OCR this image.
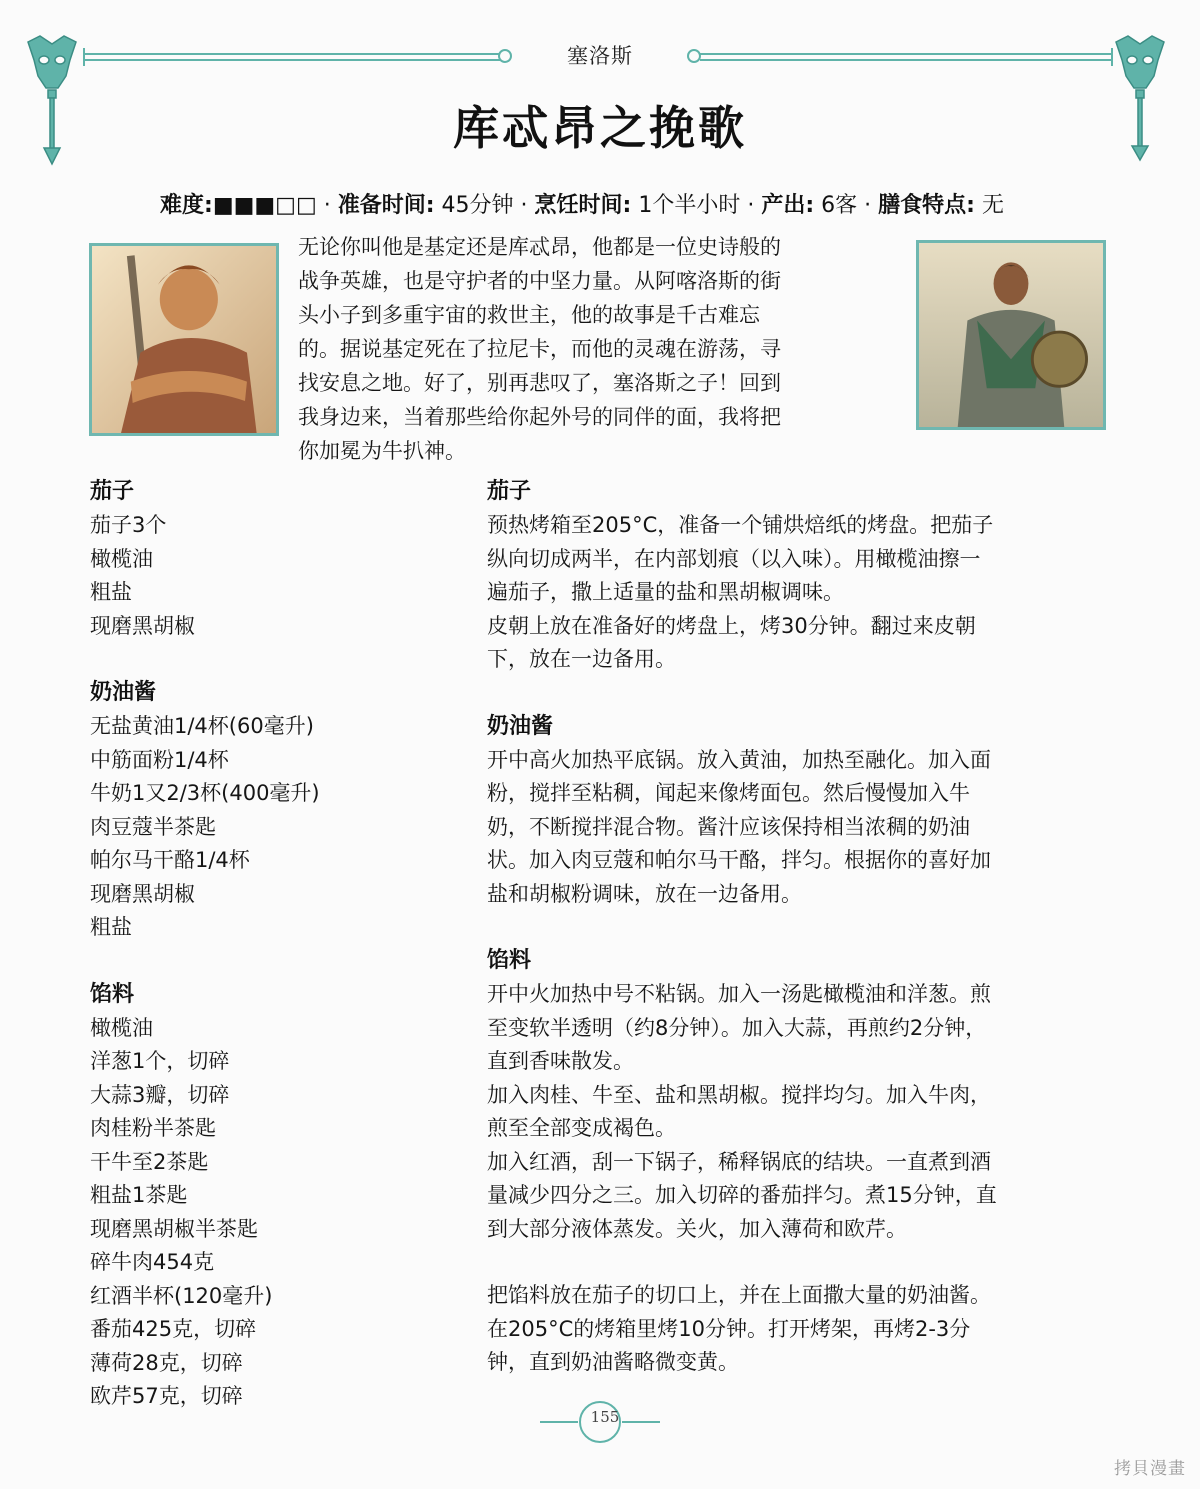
塞洛斯
库忒昂之挽歌
难度:■■■□□ · 准备时间: 45分钟 · 烹饪时间: 1个半小时 · 产出: 6客 · 膳食特点: 无
无论你叫他是基定还是库忒昂，他都是一位史诗般的
战争英雄，也是守护者的中坚力量。从阿喀洛斯的街
头小子到多重宇宙的救世主，他的故事是千古难忘
的。据说基定死在了拉尼卡，而他的灵魂在游荡，寻
找安息之地。好了，别再悲叹了，塞洛斯之子！回到
我身边来，当着那些给你起外号的同伴的面，我将把
你加冕为牛扒神。
茄子
茄子3个
橄榄油
粗盐
现磨黑胡椒
奶油酱
无盐黄油1/4杯(60毫升)
中筋面粉1/4杯
牛奶1又2/3杯(400毫升)
肉豆蔻半茶匙
帕尔马干酪1/4杯
现磨黑胡椒
粗盐
馅料
橄榄油
洋葱1个，切碎
大蒜3瓣，切碎
肉桂粉半茶匙
干牛至2茶匙
粗盐1茶匙
现磨黑胡椒半茶匙
碎牛肉454克
红酒半杯(120毫升)
番茄425克，切碎
薄荷28克，切碎
欧芹57克，切碎
茄子
预热烤箱至205°C，准备一个铺烘焙纸的烤盘。把茄子
纵向切成两半，在内部划痕（以入味）。用橄榄油擦一
遍茄子，撒上适量的盐和黑胡椒调味。
皮朝上放在准备好的烤盘上，烤30分钟。翻过来皮朝
下，放在一边备用。
奶油酱
开中高火加热平底锅。放入黄油，加热至融化。加入面
粉，搅拌至粘稠，闻起来像烤面包。然后慢慢加入牛
奶，不断搅拌混合物。酱汁应该保持相当浓稠的奶油
状。加入肉豆蔻和帕尔马干酪，拌匀。根据你的喜好加
盐和胡椒粉调味，放在一边备用。
馅料
开中火加热中号不粘锅。加入一汤匙橄榄油和洋葱。煎
至变软半透明（约8分钟）。加入大蒜，再煎约2分钟，
直到香味散发。
加入肉桂、牛至、盐和黑胡椒。搅拌均匀。加入牛肉，
煎至全部变成褐色。
加入红酒，刮一下锅子，稀释锅底的结块。一直煮到酒
量减少四分之三。加入切碎的番茄拌匀。煮15分钟，直
到大部分液体蒸发。关火，加入薄荷和欧芹。
把馅料放在茄子的切口上，并在上面撒大量的奶油酱。
在205°C的烤箱里烤10分钟。打开烤架，再烤2-3分
钟，直到奶油酱略微变黄。
155
拷貝漫畫
